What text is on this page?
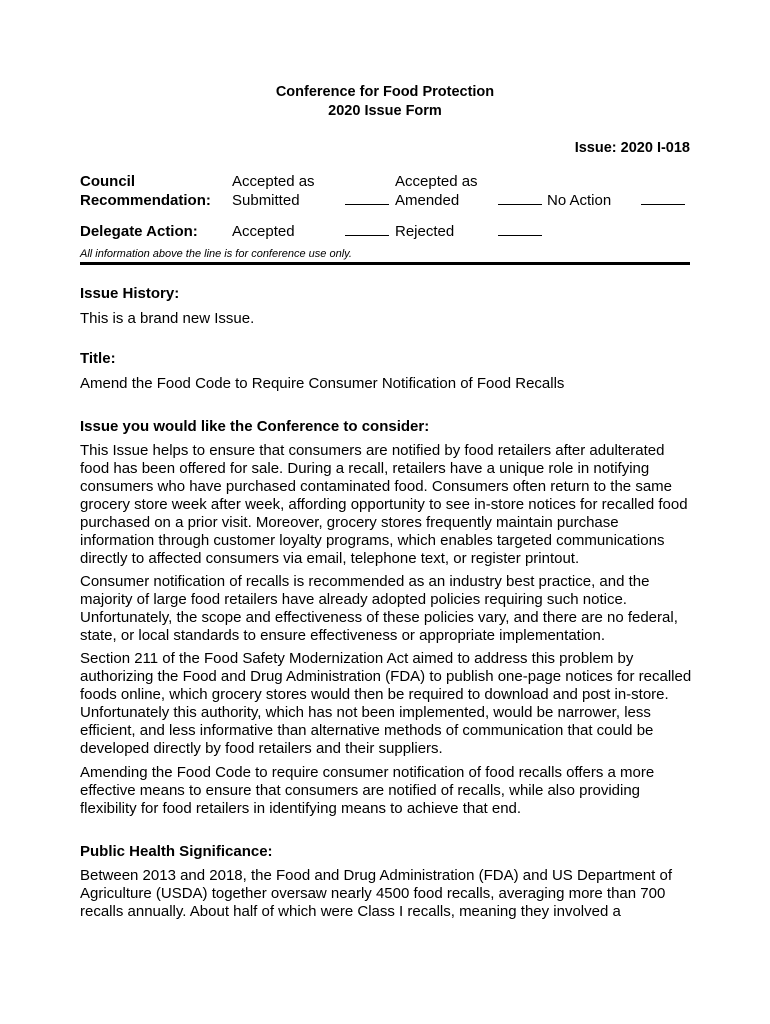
Conference for Food Protection
2020 Issue Form
Issue: 2020 I-018
Council
Recommendation:
Accepted as
Submitted
Accepted as
Amended	No Action
Delegate Action: Accepted	Rejected
All information above the line is for conference use only.
Issue History:
This is a brand new Issue.
Title:
Amend the Food Code to Require Consumer Notification of Food Recalls
Issue you would like the Conference to consider:
This Issue helps to ensure that consumers are notified by food retailers after adulterated food has been offered for sale. During a recall, retailers have a unique role in notifying consumers who have purchased contaminated food. Consumers often return to the same grocery store week after week, affording opportunity to see in-store notices for recalled food purchased on a prior visit. Moreover, grocery stores frequently maintain purchase information through customer loyalty programs, which enables targeted communications directly to affected consumers via email, telephone text, or register printout.
Consumer notification of recalls is recommended as an industry best practice, and the majority of large food retailers have already adopted policies requiring such notice. Unfortunately, the scope and effectiveness of these policies vary, and there are no federal, state, or local standards to ensure effectiveness or appropriate implementation.
Section 211 of the Food Safety Modernization Act aimed to address this problem by authorizing the Food and Drug Administration (FDA) to publish one-page notices for recalled foods online, which grocery stores would then be required to download and post in-store. Unfortunately this authority, which has not been implemented, would be narrower, less efficient, and less informative than alternative methods of communication that could be developed directly by food retailers and their suppliers.
Amending the Food Code to require consumer notification of food recalls offers a more effective means to ensure that consumers are notified of recalls, while also providing flexibility for food retailers in identifying means to achieve that end.
Public Health Significance:
Between 2013 and 2018, the Food and Drug Administration (FDA) and US Department of Agriculture (USDA) together oversaw nearly 4500 food recalls, averaging more than 700 recalls annually. About half of which were Class I recalls, meaning they involved a
